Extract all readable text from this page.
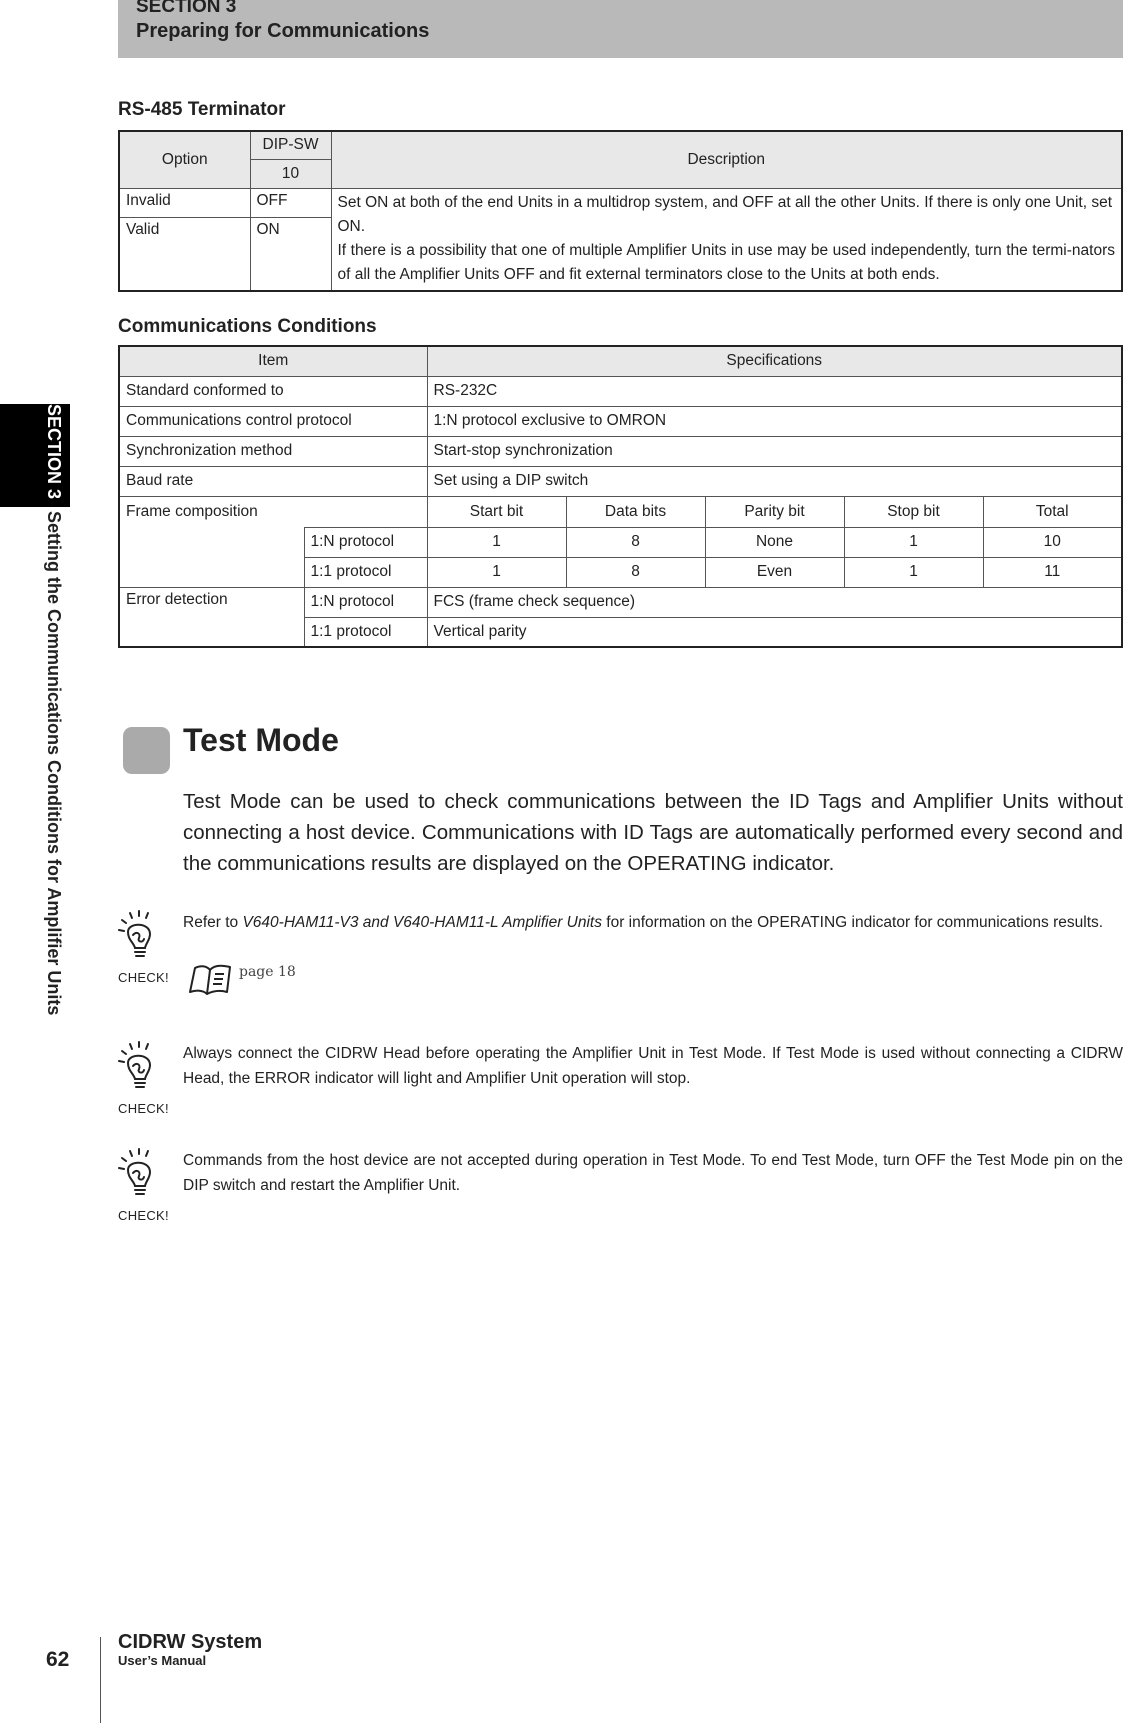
SECTION 3
Preparing for Communications
SECTION 3Setting the Communications Conditions for Amplifier Units
RS-485 Terminator
Option	DIP-SW	Description
	10	
Invalid	OFF	Set ON at both of the end Units in a multidrop system, and OFF at all the other Units. If there is only one Unit, set ON.
If there is a possibility that one of multiple Amplifier Units in use may be used independently, turn the termi-nators of all the Amplifier Units OFF and fit external terminators close to the Units at both ends.

Valid	ON	
Communications Conditions
Item		Specifications				
Standard conformed to		RS-232C				
Communications control protocol		1:N protocol exclusive to OMRON				
Synchronization method		Start-stop synchronization				
Baud rate		Set using a DIP switch				
Frame composition		Start bit	Data bits	Parity bit	Stop bit	Total
	1:N protocol	1	8	None	1	10
	1:1 protocol	1	8	Even	1	11
Error detection	1:N protocol	FCS (frame check sequence)				
	1:1 protocol	Vertical parity				
Test Mode

Test Mode can be used to check communications between the ID Tags and Amplifier Units without connecting a host device. Communications with ID Tags are automatically performed every second and the communications results are displayed on the OPERATING indicator.

CHECK!

Refer to V640-HAM11-V3 and V640-HAM11-L Amplifier Units for information on the OPERATING indicator for communications results.

page 18
CHECK!

Always connect the CIDRW Head before operating the Amplifier Unit in Test Mode. If Test Mode is used without connecting a CIDRW Head, the ERROR indicator will light and Amplifier Unit operation will stop.

CHECK!

Commands from the host device are not accepted during operation in Test Mode. To end Test Mode, turn OFF the Test Mode pin on the DIP switch and restart the Amplifier Unit.

62
CIDRW System
User’s Manual
